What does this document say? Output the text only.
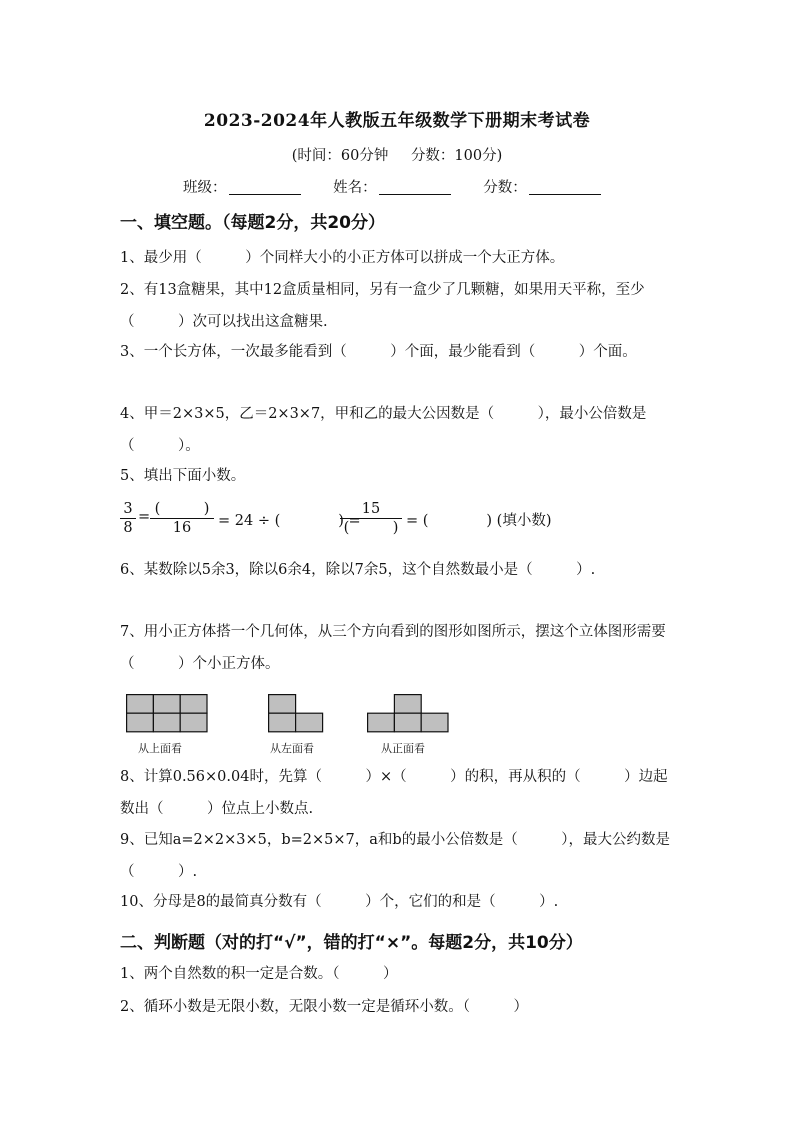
2023-2024年人教版五年级数学下册期末考试卷
(时间：60分钟 分数：100分)
班级：	姓名：	分数：
一、填空题。（每题2分，共20分）
1、最少用（　　　）个同样大小的小正方体可以拼成一个大正方体。
2、有13盒糖果，其中12盒质量相同，另有一盒少了几颗糖，如果用天平称，至少（　　　）次可以找出这盒糖果.
3、一个长方体，一次最多能看到（　　　）个面，最少能看到（　　　）个面。
4、甲＝2×3×5，乙＝2×3×7，甲和乙的最大公因数是（　　　），最小公倍数是（　　　）。
5、填出下面小数。
$\frac{3}{8}$ = (　　　)
16	= 24 ÷ (　　　　) =
15
(　　　) = (　　　　) (填小数)
6、某数除以5余3，除以6余4，除以7余5，这个自然数最小是（　　　）.
7、用小正方体搭一个几何体，从三个方向看到的图形如图所示，摆这个立体图形需要（　　　）个小正方体。
从上面看	从左面看	从正面看
8、计算0.56×0.04时，先算（　　　）×（　　　）的积，再从积的（　　　）边起数出（　　　）位点上小数点.
9、已知a=2×2×3×5，b=2×5×7，a和b的最小公倍数是（　　　），最大公约数是（　　　）.
10、分母是8的最简真分数有（　　　）个，它们的和是（　　　）.
二、判断题（对的打“√”，错的打“×”。每题2分，共10分）
1、两个自然数的积一定是合数。（　　　）
2、循环小数是无限小数，无限小数一定是循环小数。（　　　）
